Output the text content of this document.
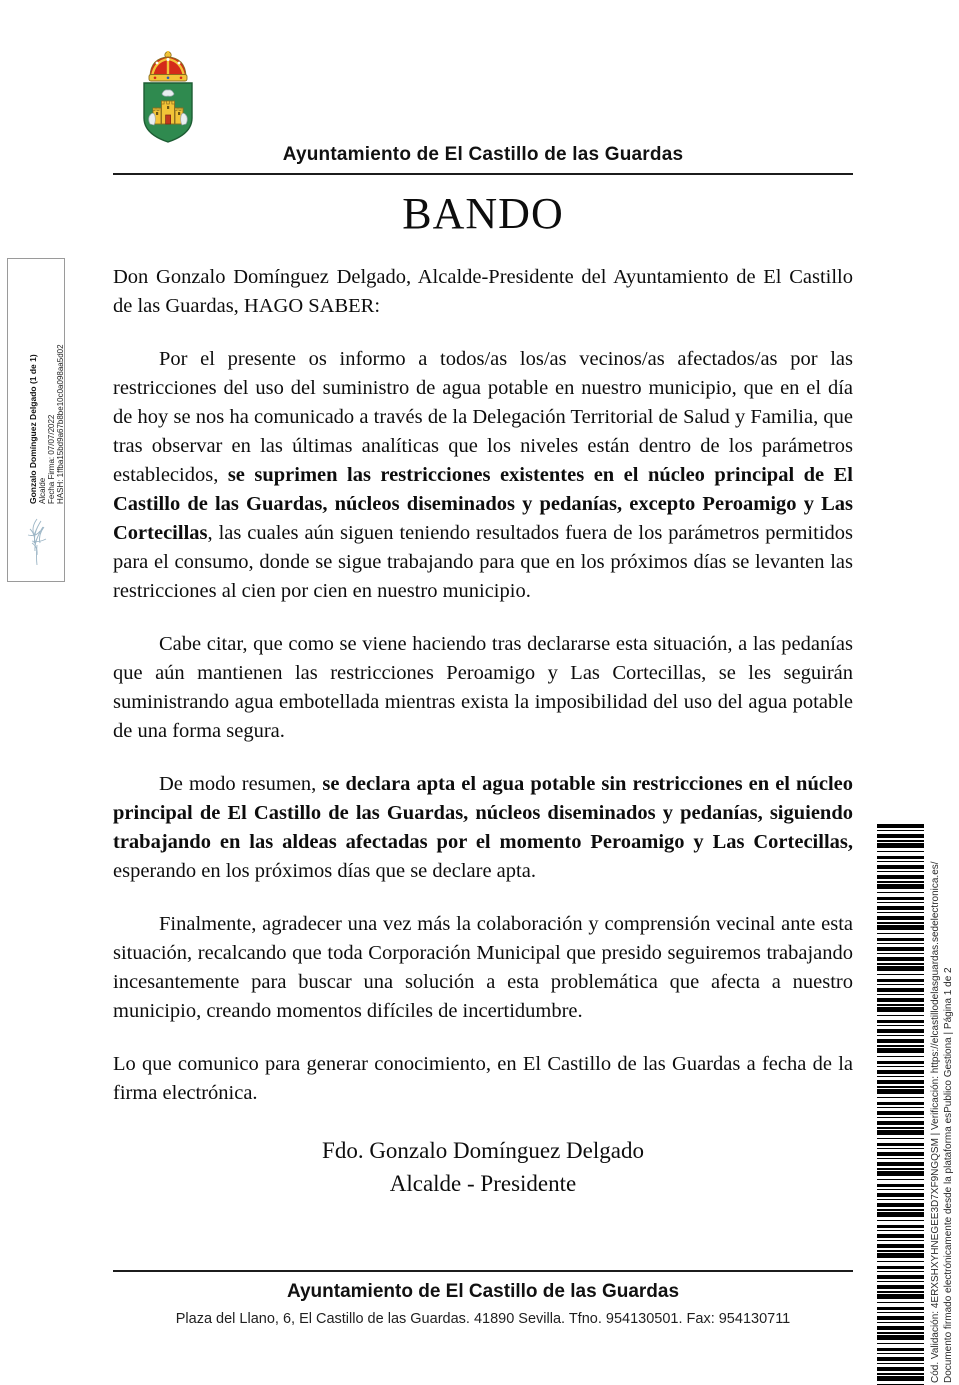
Ayuntamiento de El Castillo de las Guardas
BANDO

Don Gonzalo Domínguez Delgado, Alcalde-Presidente del Ayuntamiento de El Castillo de las Guardas, HAGO SABER:

Por el presente os informo a todos/as los/as vecinos/as afectados/as por las restricciones del uso del suministro de agua potable en nuestro municipio, que en el día de hoy se nos ha comunicado a través de la Delegación Territorial de Salud y Familia, que tras observar en las últimas analíticas que los niveles están dentro de los parámetros establecidos, se suprimen las restricciones existentes en el núcleo principal de El Castillo de las Guardas, núcleos diseminados y pedanías, excepto Peroamigo y Las Cortecillas, las cuales aún siguen teniendo resultados fuera de los parámetros permitidos para el consumo, donde se sigue trabajando para que en los próximos días se levanten las restricciones al cien por cien en nuestro municipio.

Cabe citar, que como se viene haciendo tras declararse esta situación, a las pedanías que aún mantienen las restricciones Peroamigo y Las Cortecillas, se les seguirán suministrando agua embotellada mientras exista la imposibilidad del uso del agua potable de una forma segura.

De modo resumen, se declara apta el agua potable sin restricciones en el núcleo principal de El Castillo de las Guardas, núcleos diseminados y pedanías, siguiendo trabajando en las aldeas afectadas por el momento Peroamigo y Las Cortecillas, esperando en los próximos días que se declare apta.

Finalmente, agradecer una vez más la colaboración y comprensión vecinal ante esta situación, recalcando que toda Corporación Municipal que presido seguiremos trabajando incesantemente para buscar una solución a esta problemática que afecta a nuestro municipio, creando momentos difíciles de incertidumbre.

Lo que comunico para generar conocimiento, en El Castillo de las Guardas a fecha de la firma electrónica.

Fdo. Gonzalo Domínguez Delgado
Alcalde - Presidente
Ayuntamiento de El Castillo de las Guardas
Plaza del Llano, 6, El Castillo de las Guardas. 41890 Sevilla. Tfno. 954130501. Fax: 954130711
Gonzalo Domínguez Delgado (1 de 1) Alcalde Fecha Firma: 07/07/2022 HASH: 1ffba15bd9a67b8be10c0a098aa5d02
Cód. Validación: 4ERXSHXYHNEGEE3D7XF9NGQSM | Verificación: https://elcastillodelasguardas.sedelectronica.es/ Documento firmado electrónicamente desde la plataforma esPublico Gestiona | Página 1 de 2
